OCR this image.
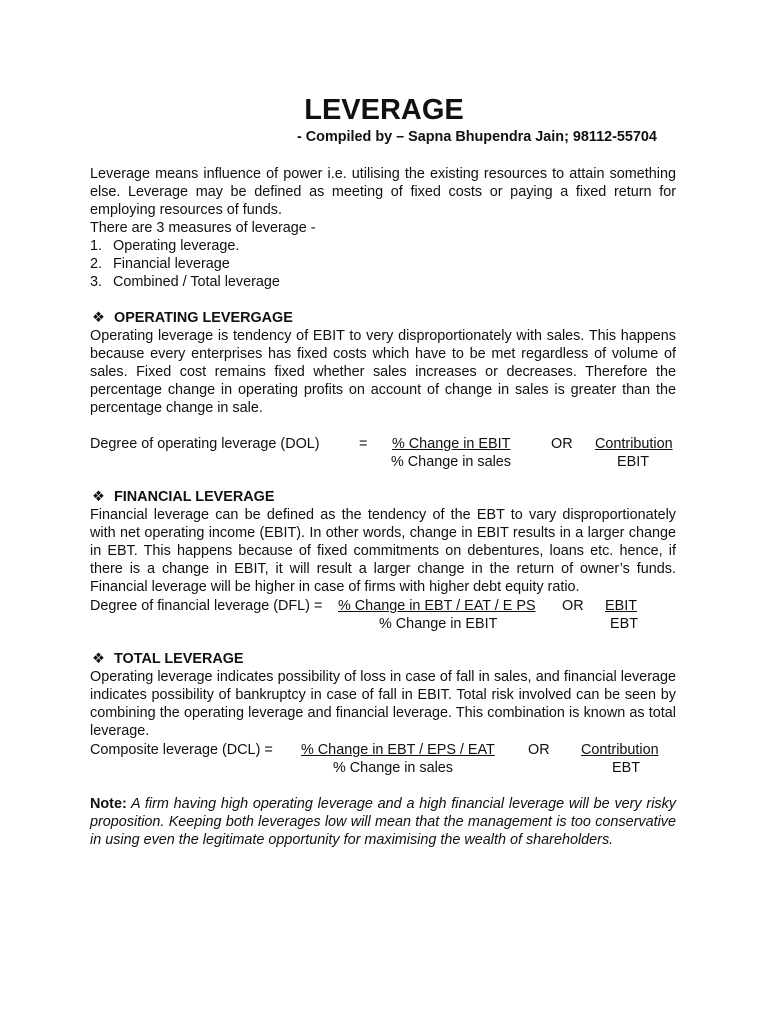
LEVERAGE
- Compiled by – Sapna Bhupendra Jain; 98112-55704
Leverage means influence of power i.e. utilising the existing resources to attain something else. Leverage may be defined as meeting of fixed costs or paying a fixed return for employing resources of funds.
There are 3 measures of leverage -
1. Operating leverage.
2. Financial leverage
3. Combined / Total leverage
❖ OPERATING LEVERGAGE
Operating leverage is tendency of EBIT to very disproportionately with sales. This happens because every enterprises has fixed costs which have to be met regardless of volume of sales. Fixed cost remains fixed whether sales increases or decreases. Therefore the percentage change in operating profits on account of change in sales is greater than the percentage change in sale.
Degree of operating leverage (DOL)	= % Change in EBIT
% Change in sales
OR Contribution
EBIT
❖ FINANCIAL LEVERAGE
Financial leverage can be defined as the tendency of the EBT to vary disproportionately with net operating income (EBIT). In other words, change in EBIT results in a larger change in EBT. This happens because of fixed commitments on debentures, loans etc. hence, if there is a change in EBIT, it will result a larger change in the return of owner’s funds. Financial leverage will be higher in case of firms with higher debt equity ratio.
Degree of financial leverage (DFL) = % Change in EBT / EAT / E PS
% Change in EBIT
OR EBIT
EBT
❖ TOTAL LEVERAGE
Operating leverage indicates possibility of loss in case of fall in sales, and financial leverage indicates possibility of bankruptcy in case of fall in EBIT. Total risk involved can be seen by combining the operating leverage and financial leverage. This combination is known as total leverage.
Composite leverage (DCL) = % Change in EBT / EPS / EAT
% Change in sales
OR Contribution
EBT
Note: A firm having high operating leverage and a high financial leverage will be very risky proposition. Keeping both leverages low will mean that the management is too conservative in using even the legitimate opportunity for maximising the wealth of shareholders.
